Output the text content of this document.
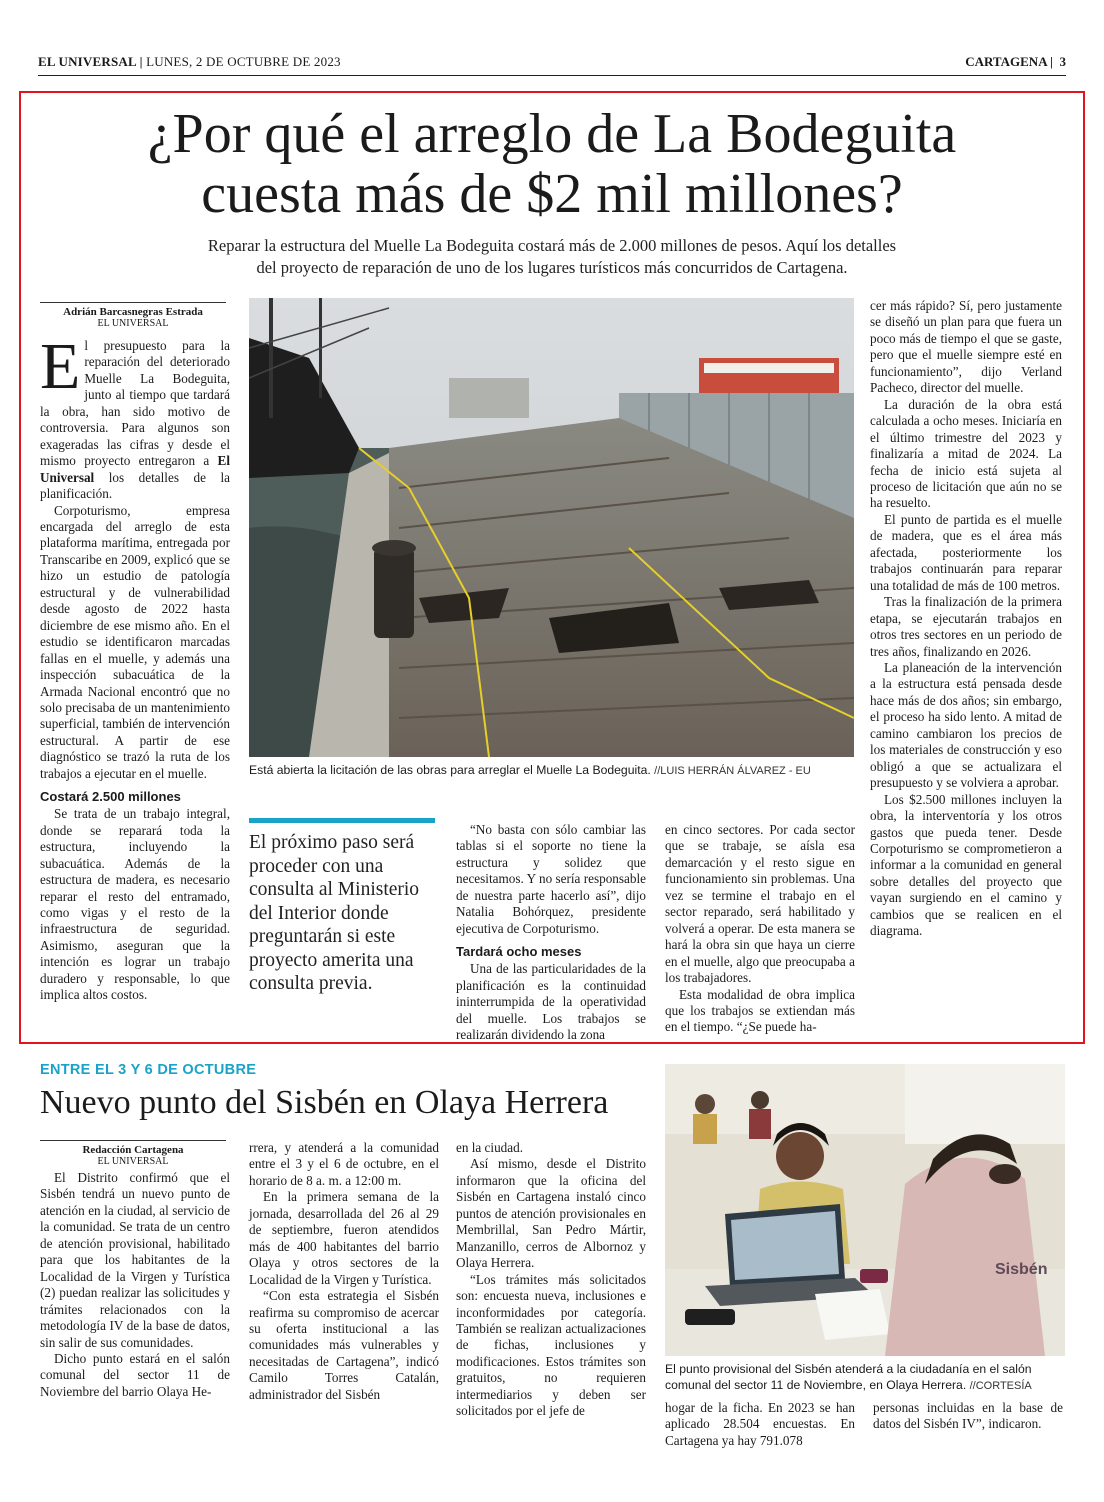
EL UNIVERSAL | LUNES, 2 DE OCTUBRE DE 2023	CARTAGENA |  3
¿Por qué el arreglo de La Bodeguita
cuesta más de $2 mil millones?
Reparar la estructura del Muelle La Bodeguita costará más de 2.000 millones de pesos. Aquí los detalles
del proyecto de reparación de uno de los lugares turísticos más concurridos de Cartagena.
Adrián Barcasnegras Estrada
EL UNIVERSAL

El presupuesto para la reparación del deteriorado Muelle La Bodeguita, junto al tiempo que tardará la obra, han sido motivo de controversia. Para algunos son exageradas las cifras y desde el mismo proyecto entregaron a El Universal los detalles de la planificación.

Corpoturismo, empresa encargada del arreglo de esta plataforma marítima, entregada por Transcaribe en 2009, explicó que se hizo un estudio de patología estructural y de vulnerabilidad desde agosto de 2022 hasta diciembre de ese mismo año. En el estudio se identificaron marcadas fallas en el muelle, y además una inspección subacuática de la Armada Nacional encontró que no solo precisaba de un mantenimiento superficial, también de intervención estructural. A partir de ese diagnóstico se trazó la ruta de los trabajos a ejecutar en el muelle.

Costará 2.500 millones

Se trata de un trabajo integral, donde se reparará toda la estructura, incluyendo la subacuática. Además de la estructura de madera, es necesario reparar el resto del entramado, como vigas y el resto de la infraestructura de seguridad. Asimismo, aseguran que la intención es lograr un trabajo duradero y responsable, lo que implica altos costos.

Está abierta la licitación de las obras para arreglar el Muelle La Bodeguita. //LUIS HERRÁN ÁLVAREZ - EU

cer más rápido? Sí, pero justamente se diseñó un plan para que fuera un poco más de tiempo el que se gaste, pero que el muelle siempre esté en funcionamiento”, dijo Verland Pacheco, director del muelle.

La duración de la obra está calculada a ocho meses. Iniciaría en el último trimestre del 2023 y finalizaría a mitad de 2024. La fecha de inicio está sujeta al proceso de licitación que aún no se ha resuelto.

El punto de partida es el muelle de madera, que es el área más afectada, posteriormente los trabajos continuarán para reparar una totalidad de más de 100 metros.

Tras la finalización de la primera etapa, se ejecutarán trabajos en otros tres sectores en un periodo de tres años, finalizando en 2026.

La planeación de la intervención a la estructura está pensada desde hace más de dos años; sin embargo, el proceso ha sido lento. A mitad de camino cambiaron los precios de los materiales de construcción y eso obligó a que se actualizara el presupuesto y se volviera a aprobar.

Los $2.500 millones incluyen la obra, la interventoría y los otros gastos que pueda tener. Desde Corpoturismo se comprometieron a informar a la comunidad en general sobre detalles del proyecto que vayan surgiendo en el camino y cambios que se realicen en el diagrama.

El próximo paso será proceder con una consulta al Ministerio del Interior donde preguntarán si este proyecto amerita una consulta previa.

“No basta con sólo cambiar las tablas si el soporte no tiene la estructura y solidez que necesitamos. Y no sería responsable de nuestra parte hacerlo así”, dijo Natalia Bohórquez, presidente ejecutiva de Corpoturismo.

Tardará ocho meses

Una de las particularidades de la planificación es la continuidad ininterrumpida de la operatividad del muelle. Los trabajos se realizarán dividendo la zona

en cinco sectores. Por cada sector que se trabaje, se aísla esa demarcación y el resto sigue en funcionamiento sin problemas. Una vez se termine el trabajo en el sector reparado, será habilitado y volverá a operar. De esta manera se hará la obra sin que haya un cierre en el muelle, algo que preocupaba a los trabajadores.

Esta modalidad de obra implica que los trabajos se extiendan más en el tiempo. “¿Se puede ha-

ENTRE EL 3 Y 6 DE OCTUBRE
Nuevo punto del Sisbén en Olaya Herrera
Redacción Cartagena
EL UNIVERSAL

El Distrito confirmó que el Sisbén tendrá un nuevo punto de atención en la ciudad, al servicio de la comunidad. Se trata de un centro de atención provisional, habilitado para que los habitantes de la Localidad de la Virgen y Turística (2) puedan realizar las solicitudes y trámites relacionados con la metodología IV de la base de datos, sin salir de sus comunidades.

Dicho punto estará en el salón comunal del sector 11 de Noviembre del barrio Olaya He-

rrera, y atenderá a la comunidad entre el 3 y el 6 de octubre, en el horario de 8 a. m. a 12:00 m.

En la primera semana de la jornada, desarrollada del 26 al 29 de septiembre, fueron atendidos más de 400 habitantes del barrio Olaya y otros sectores de la Localidad de la Virgen y Turística.

“Con esta estrategia el Sisbén reafirma su compromiso de acercar su oferta institucional a las comunidades más vulnerables y necesitadas de Cartagena”, indicó Camilo Torres Catalán, administrador del Sisbén

en la ciudad.

Así mismo, desde el Distrito informaron que la oficina del Sisbén en Cartagena instaló cinco puntos de atención provisionales en Membrillal, San Pedro Mártir, Manzanillo, cerros de Albornoz y Olaya Herrera.

“Los trámites más solicitados son: encuesta nueva, inclusiones e inconformidades por categoría. También se realizan actualizaciones de fichas, inclusiones y modificaciones. Estos trámites son gratuitos, no requieren intermediarios y deben ser solicitados por el jefe de

Sisbén
El punto provisional del Sisbén atenderá a la ciudadanía en el salón comunal del sector 11 de Noviembre, en Olaya Herrera. //CORTESÍA

hogar de la ficha. En 2023 se han aplicado 28.504 encuestas. En Cartagena ya hay 791.078

personas incluidas en la base de datos del Sisbén IV”, indicaron.
